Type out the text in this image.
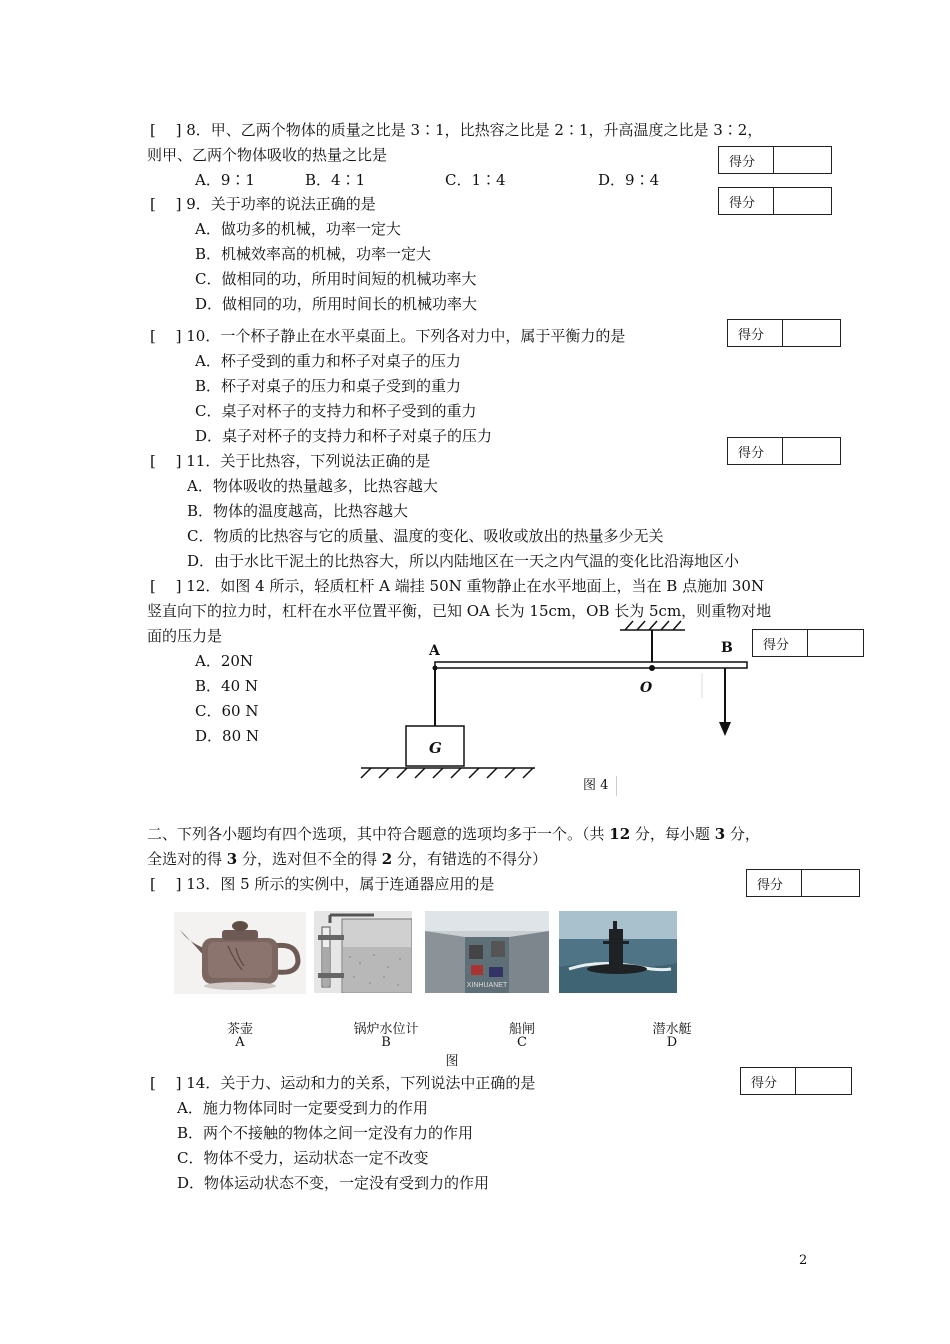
[　 ] 8．甲、乙两个物体的质量之比是 3∶1，比热容之比是 2∶1，升高温度之比是 3∶2，
则甲、乙两个物体吸收的热量之比是
A．9∶1	B．4∶1	C．1∶4	D．9∶4
得分
[　 ] 9．关于功率的说法正确的是
A．做功多的机械，功率一定大
B．机械效率高的机械，功率一定大
C．做相同的功，所用时间短的机械功率大
D．做相同的功，所用时间长的机械功率大
得分
[　 ] 10．一个杯子静止在水平桌面上。下列各对力中，属于平衡力的是
A．杯子受到的重力和杯子对桌子的压力
B．杯子对桌子的压力和桌子受到的重力
C．桌子对杯子的支持力和杯子受到的重力
D．桌子对杯子的支持力和杯子对桌子的压力
得分
[　 ] 11．关于比热容，下列说法正确的是
A．物体吸收的热量越多，比热容越大
B．物体的温度越高，比热容越大
C．物质的比热容与它的质量、温度的变化、吸收或放出的热量多少无关
D．由于水比干泥土的比热容大，所以内陆地区在一天之内气温的变化比沿海地区小
得分
[　 ] 12．如图 4 所示，轻质杠杆 A 端挂 50N 重物静止在水平地面上，当在 B 点施加 30N
竖直向下的拉力时，杠杆在水平位置平衡，已知 OA 长为 15cm，OB 长为 5cm，则重物对地
面的压力是
A．20N
B．40 N
C．60 N
D．80 N
得分
A	B
O
G
图 4
二、下列各小题均有四个选项，其中符合题意的选项均多于一个。（共 12 分，每小题 3 分，
全选对的得 3 分，选对但不全的得 2 分，有错选的不得分）
[　 ] 13．图 5 所示的实例中，属于连通器应用的是	得分
XINHUANET
茶壶
A
锅炉水位计
B
图
船闸
C
潜水艇
D
[　 ] 14．关于力、运动和力的关系，下列说法中正确的是
A．施力物体同时一定要受到力的作用
B．两个不接触的物体之间一定没有力的作用
C．物体不受力，运动状态一定不改变
D．物体运动状态不变，一定没有受到力的作用
得分
2
